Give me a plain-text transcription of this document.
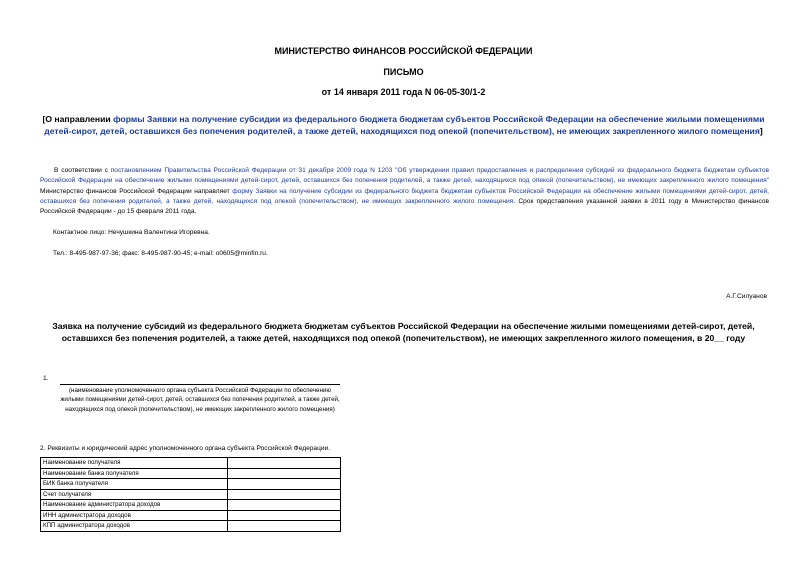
МИНИСТЕРСТВО ФИНАНСОВ РОССИЙСКОЙ ФЕДЕРАЦИИ
ПИСЬМО
от 14 января 2011 года N 06-05-30/1-2
[О направлении формы Заявки на получение субсидии из федерального бюджета бюджетам субъектов Российской Федерации на обеспечение жилыми помещениями детей-сирот, детей, оставшихся без попечения родителей, а также детей, находящихся под опекой (попечительством), не имеющих закрепленного жилого помещения]
В соответствии с постановлением Правительства Российской Федерации от 31 декабря 2009 года N 1203 "Об утверждении правил предоставления и распределения субсидий из федерального бюджета бюджетам субъектов Российской Федерации на обеспечение жилыми помещениями детей-сирот, детей, оставшихся без попечения родителей, а также детей, находящихся под опекой (попечительством), не имеющих закрепленного жилого помещения" Министерство финансов Российской Федерации направляет форму Заявки на получение субсидии из федерального бюджета бюджетам субъектов Российской Федерации на обеспечение жилыми помещениями детей-сирот, детей, оставшихся без попечения родителей, а также детей, находящихся под опекой (попечительством), не имеющих закрепленного жилого помещения. Срок представления указанной заявки в 2011 году в Министерство финансов Российской Федерации - до 15 февраля 2011 года.
Контактное лицо: Нечушкина Валентина Игоревна.
Тел.: 8-495-987-97-36; факс: 8-495-987-90-45; e-mail: o0605@minfin.ru.
А.Г.Силуанов
Заявка на получение субсидий из федерального бюджета бюджетам субъектов Российской Федерации на обеспечение жилыми помещениями детей-сирот, детей, оставшихся без попечения родителей, а также детей, находящихся под опекой (попечительством), не имеющих закрепленного жилого помещения, в 20__ году
1.
(наименование уполномоченного органа субъекта Российской Федерации по обеспечению жилыми помещениями детей-сирот, детей, оставшихся без попечения родителей, а также детей, находящихся под опекой (попечительством), не имеющих закрепленного жилого помещения)
2. Реквизиты и юридический адрес уполномоченного органа субъекта Российской Федерации.
Наименование получателя	
Наименование банка получателя	
БИК банка получателя	
Счет получателя	
Наименование администратора доходов	
ИНН администратора доходов	
КПП администратора доходов	
